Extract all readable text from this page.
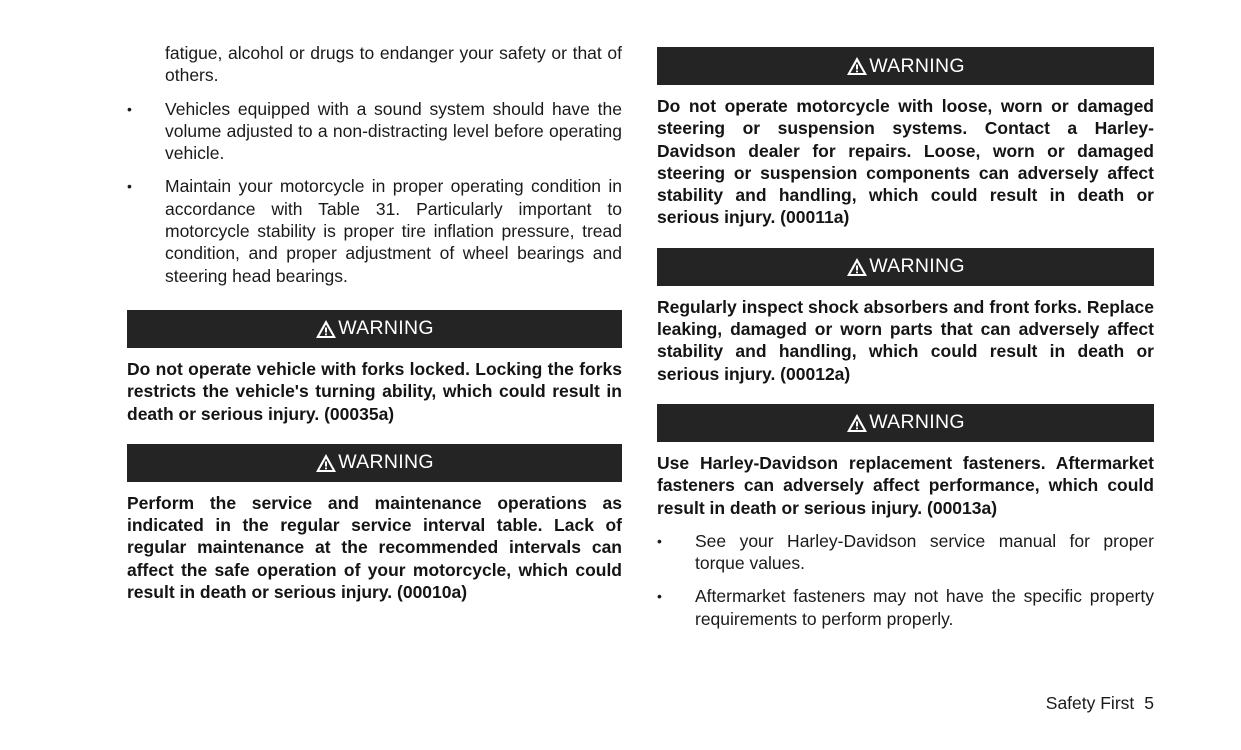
fatigue, alcohol or drugs to endanger your safety or that of others.

• Vehicles equipped with a sound system should have the volume adjusted to a non-distracting level before operating vehicle.
• Maintain your motorcycle in proper operating condition in accordance with Table 31. Particularly important to motorcycle stability is proper tire inflation pressure, tread condition, and proper adjustment of wheel bearings and steering head bearings.
WARNING

Do not operate vehicle with forks locked. Locking the forks restricts the vehicle's turning ability, which could result in death or serious injury. (00035a)

WARNING

Perform the service and maintenance operations as indicated in the regular service interval table. Lack of regular maintenance at the recommended intervals can affect the safe operation of your motorcycle, which could result in death or serious injury. (00010a)

WARNING

Do not operate motorcycle with loose, worn or damaged steering or suspension systems. Contact a Harley-Davidson dealer for repairs. Loose, worn or damaged steering or suspension components can adversely affect stability and handling, which could result in death or serious injury. (00011a)

WARNING

Regularly inspect shock absorbers and front forks. Replace leaking, damaged or worn parts that can adversely affect stability and handling, which could result in death or serious injury. (00012a)

WARNING

Use Harley-Davidson replacement fasteners. Aftermarket fasteners can adversely affect performance, which could result in death or serious injury. (00013a)

• See your Harley-Davidson service manual for proper torque values.
• Aftermarket fasteners may not have the specific property requirements to perform properly.
Safety First 5
